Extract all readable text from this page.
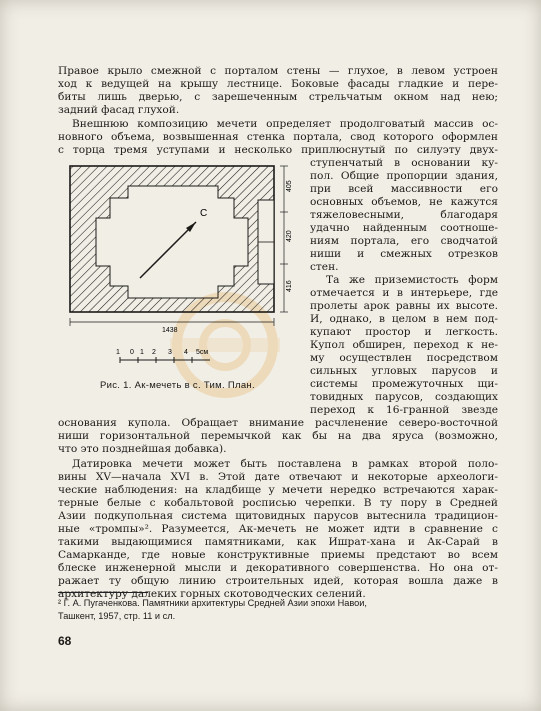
Правое крыло смежной с порталом стены — глухое, в левом устроен
ход к ведущей на крышу лестнице. Боковые фасады гладкие и пере-
биты лишь дверью, с зарешеченным стрельчатым окном над нею;
задний фасад глухой.
Внешнюю композицию мечети определяет продолговатый массив ос-
новного объема, возвышенная стенка портала, свод которого оформлен
с торца тремя уступами и несколько приплюснутый по силуэту двух-
ступенчатый в основании ку-
пол. Общие пропорции здания,
при всей массивности его
основных объемов, не кажутся
тяжеловесными, благодаря
удачно найденным соотноше-
ниям портала, его сводчатой
ниши и смежных отрезков
стен.
Та же приземистость форм
отмечается и в интерьере, где
пролеты арок равны их высоте.
И, однако, в целом в нем под-
купают простор и легкость.
Купол обширен, переход к не-
му осуществлен посредством
сильных угловых парусов и
системы промежуточных щи-
товидных парусов, создающих
переход к 16-гранной звезде
основания купола. Обращает внимание расчленение северо-восточной
ниши горизонтальной перемычкой как бы на два яруса (возможно,
что это позднейшая добавка).
Датировка мечети может быть поставлена в рамках второй поло-
вины XV—начала XVI в. Этой дате отвечают и некоторые археологи-
ческие наблюдения: на кладбище у мечети нередко встречаются харак-
терные белые с кобальтовой росписью черепки. В ту пору в Средней
Азии подкупольная система щитовидных парусов вытеснила традицион-
ные «тромпы»². Разумеется, Ак-мечеть не может идти в сравнение с
такими выдающимися памятниками, как Ишрат-хана и Ак-Сарай в
Самарканде, где новые конструктивные приемы предстают во всем
блеске инженерной мысли и декоративного совершенства. Но она от-
ражает ту общую линию строительных идей, которая вошла даже в
архитектуру далеких горных скотоводческих селений.
405
420
416
1438
С
1 0 1 2 3 4 5см
Рис. 1. Ак-мечеть в с. Тим. План.
² Г. А. Пугаченкова. Памятники архитектуры Средней Азии эпохи Навои,
Ташкент, 1957, стр. 11 и сл.
68
